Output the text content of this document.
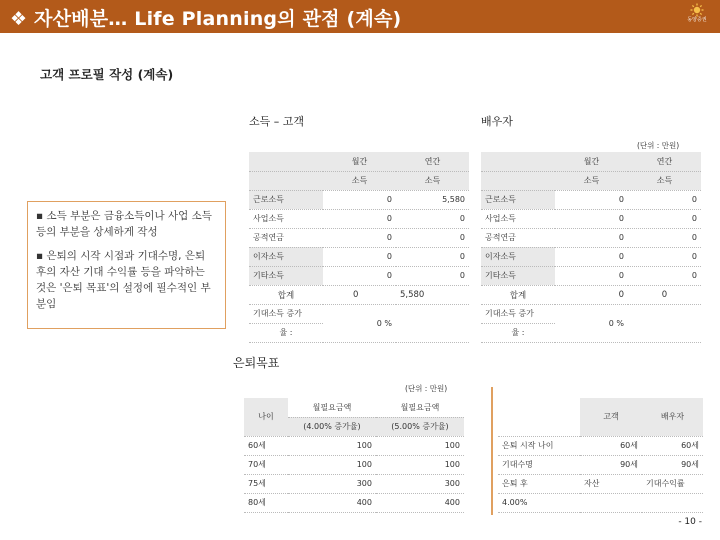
❖ 자산배분… Life Planning의 관점 (계속)	동양증권
고객 프로필 작성 (계속)

▪ 소득 부분은 금융소득이나 사업 소득 등의 부분을 상세하게 작성

▪ 은퇴의 시작 시점과 기대수명, 은퇴 후의 자산 기대 수익률 등을 파악하는 것은 '은퇴 목표'의 설정에 필수적인 부분임

소득 – 고객	배우자
(단위 : 만원)
	월간	연간
	소득	소득
근로소득	0	5,580
사업소득	0	0
공적연금	0	0
이자소득	0	0
기타소득	0	0
합계	0	5,580
기대소득 증가	0 %	
율 :		
	월간	연간
	소득	소득
근로소득	0	0
사업소득	0	0
공적연금	0	0
이자소득	0	0
기타소득	0	0
합계	0	0
기대소득 증가	0 %	
율 :		
은퇴목표
(단위 : 만원)
나이	월필요금액	월필요금액
	(4.00% 증가율)	(5.00% 증가율)
60세	100	100
70세	100	100
75세	300	300
80세	400	400
	고객	배우자
은퇴 시작 나이	60세	60세
기대수명	90세	90세
은퇴 후	자산	기대수익률
4.00%		
- 10 -
